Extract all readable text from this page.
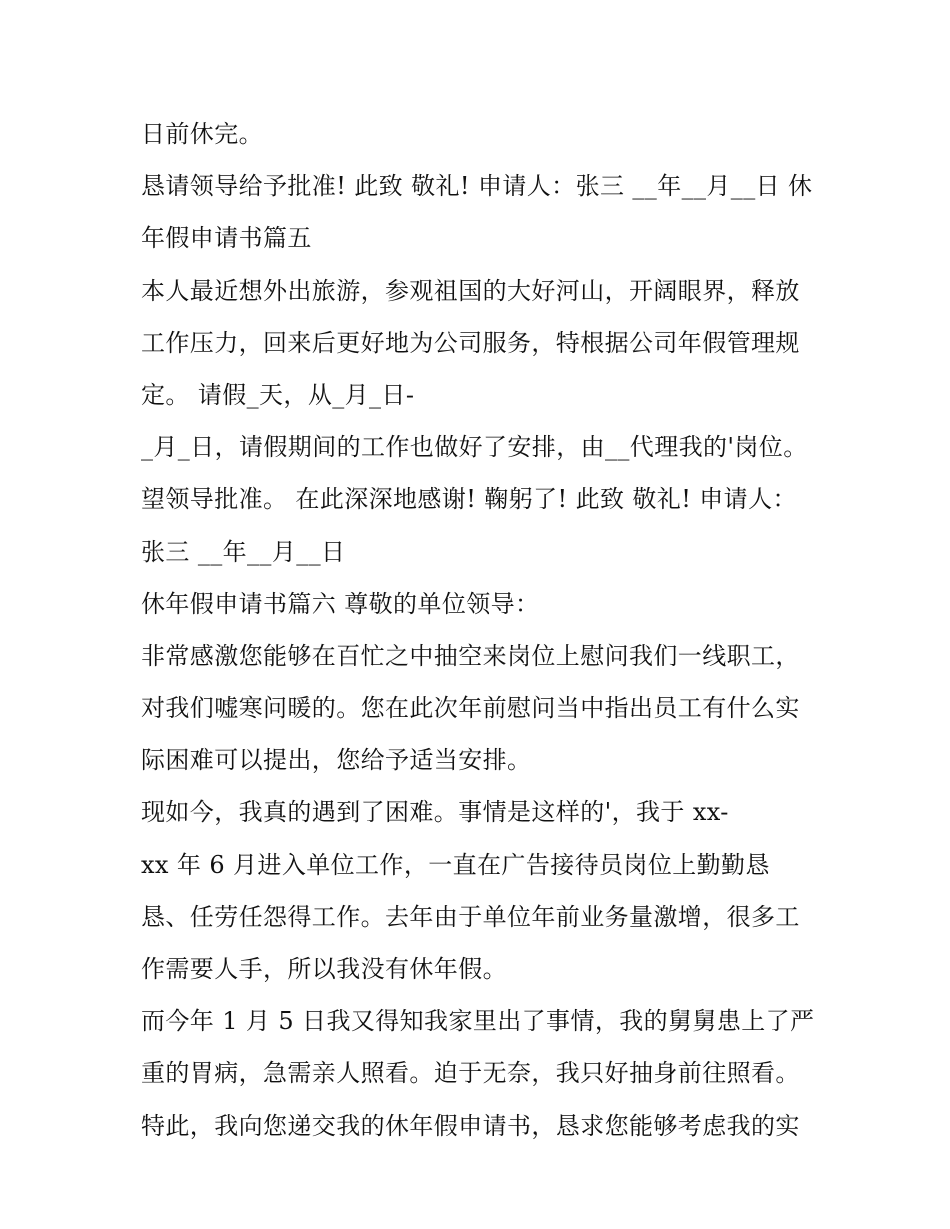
日前休完。

恳请领导给予批准! 此致 敬礼! 申请人：张三 __年__月__日 休

年假申请书篇五

本人最近想外出旅游，参观祖国的大好河山，开阔眼界，释放

工作压力，回来后更好地为公司服务，特根据公司年假管理规

定。 请假_天，从_月_日-

_月_日，请假期间的工作也做好了安排，由__代理我的'岗位。

望领导批准。 在此深深地感谢! 鞠躬了! 此致 敬礼! 申请人：

张三 __年__月__日

休年假申请书篇六 尊敬的单位领导：

非常感激您能够在百忙之中抽空来岗位上慰问我们一线职工，

对我们嘘寒问暖的。您在此次年前慰问当中指出员工有什么实

际困难可以提出，您给予适当安排。

现如今，我真的遇到了困难。事情是这样的'，我于 xx-

xx 年 6 月进入单位工作，一直在广告接待员岗位上勤勤恳

恳、任劳任怨得工作。去年由于单位年前业务量激增，很多工

作需要人手，所以我没有休年假。

而今年 1 月 5 日我又得知我家里出了事情，我的舅舅患上了严

重的胃病，急需亲人照看。迫于无奈，我只好抽身前往照看。

特此，我向您递交我的休年假申请书，恳求您能够考虑我的实
